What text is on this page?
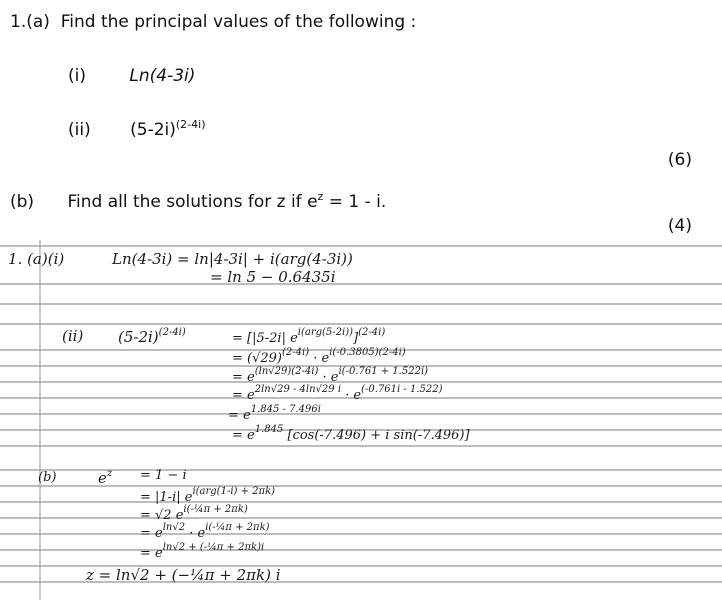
1.(a) Find the principal values of the following :
(i)	Ln(4-3i)
(ii) $(5-2i)^{(2-4i)}$
(6)
(b) Find all the solutions for z if $e^z = 1 - i$.
(4)
1. (a)(i)	Ln(4-3i) = ln|4-3i| + i(arg(4-3i))
= ln 5 − 0.6435i
(ii) $(5-2i)^{(2-4i)}$	= [|5-2i| $e^{i(arg(5-2i))}]^{(2-4i)}$
= $(√29)^{(2-4i)} \cdot e^{i(-0.3805)(2-4i)}$
= $e^{(ln√29)(2-4i)} \cdot e^{i(-0.761 + 1.522i)}$
= $e^{2ln√29 - 4ln√29 i} \cdot e^{(-0.761i - 1.522)}$
= $e^{1.845 - 7.496i}$
= $e^{1.845}$ [cos(-7.496) + i sin(-7.496)]
(b)	$e^z = 1 - i$
= |1-i| $e^{i(arg(1-i) + 2\pi k)}$
= √2 $e^{i(-\frac{1}{4}\pi + 2\pi k)}$
= $e^{ln√2} \cdot e^{i(-\frac{1}{4}\pi + 2\pi k)}$
= $e^{ln√2 + (-\frac{1}{4}\pi + 2\pi k)i}$
z = ln√2 + (−¼π + 2πk) i
